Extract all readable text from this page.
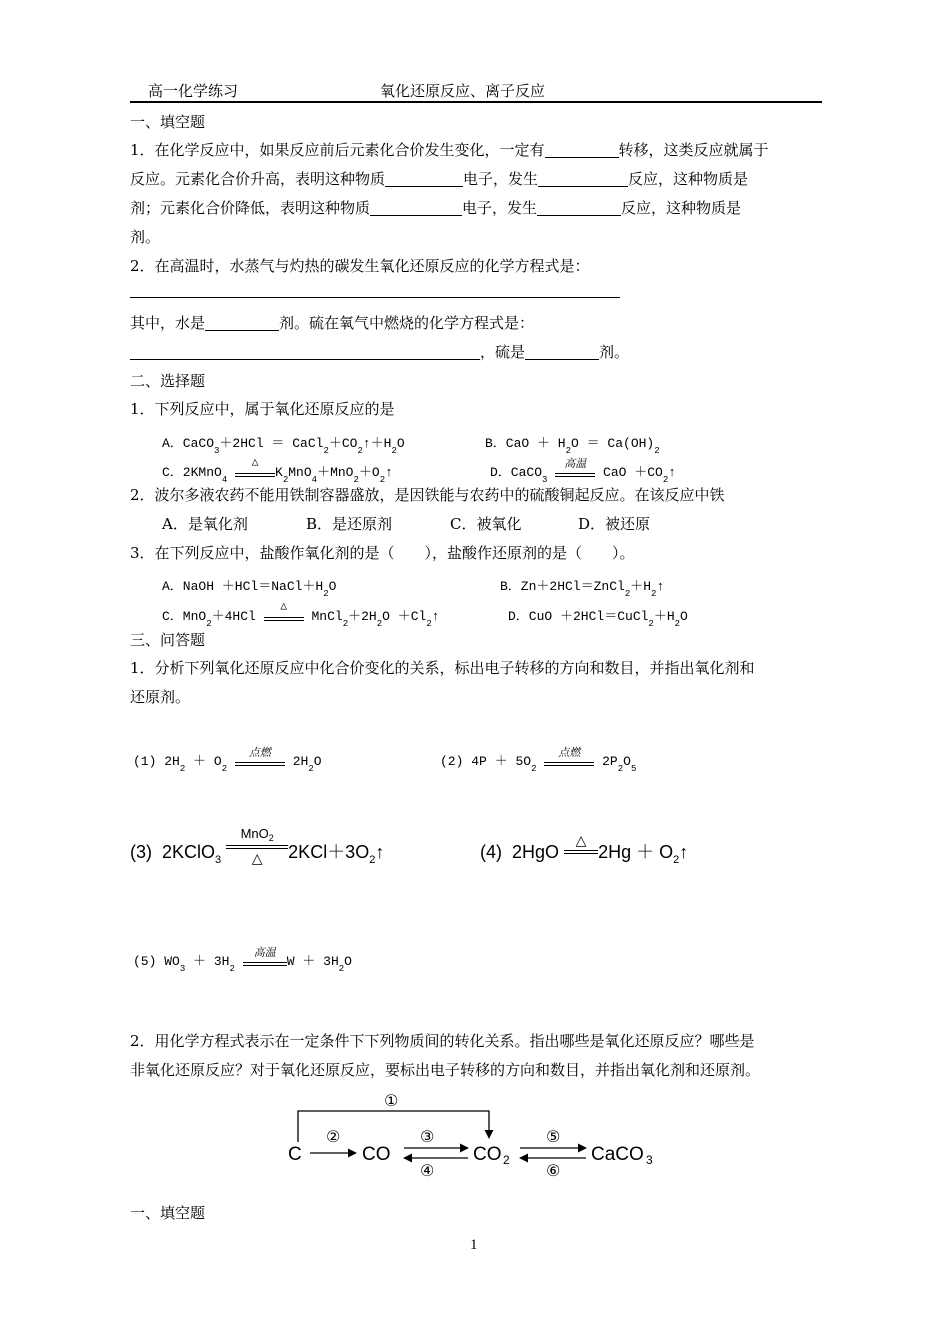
高一化学练习	氧化还原反应、离子反应
一、填空题
1．在化学反应中，如果反应前后元素化合价发生变化，一定有	转移，这类反应就属于
反应。元素化合价升高，表明这种物质	电子，发生	反应，这种物质是
剂；元素化合价降低，表明这种物质	电子，发生	反应，这种物质是
剂。
2．在高温时，水蒸气与灼热的碳发生氧化还原反应的化学方程式是：
其中，水是	剂。硫在氧气中燃烧的化学方程式是：
，硫是	剂。
二、选择题
1．下列反应中，属于氧化还原反应的是
A．CaCO$_3$＋2HCl ＝ $CaCl_2+CO_2↑+H_2O$	B．CaO ＋ $H_2O = Ca(OH)_2$
C．2KMnO$_4$
△
$K_2MnO_4+MnO_2+O_2↑$	D．CaCO$_3$
高温
CaO $+CO_2↑$
2．波尔多液农药不能用铁制容器盛放，是因铁能与农药中的硫酸铜起反应。在该反应中铁
A．是氧化剂	B．是还原剂	C．被氧化	D．被还原
3．在下列反应中，盐酸作氧化剂的是（　　），盐酸作还原剂的是（　　）。
A．NaOH $+HCl=NaCl+H_2O$	B．$Zn+2HCl=ZnCl_2+H_2↑$
C．MnO$_2$＋4HCl
△
$MnCl_2+2H_2O$ $+Cl_2↑$	D．CuO $+2HCl=CuCl_2+H_2O$
三、问答题
1．分析下列氧化还原反应中化合价变化的关系，标出电子转移的方向和数目，并指出氧化剂和
还原剂。
(1) $2H_2 + O_2$
点燃
$2H_2O$	(2) $4P + 5O_2$
点燃
$2P_2O_5$
(3) 2KClO$_3$
MnO$_2$
△	$2KCl+3O_2↑$	(4) 2HgO
△
$2Hg + O_2↑$
(5) $WO_3 + 3H_2$
高温
$W + 3H_2O$
2．用化学方程式表示在一定条件下下列物质间的转化关系。指出哪些是氧化还原反应？哪些是
非氧化还原反应？对于氧化还原反应，要标出电子转移的方向和数目，并指出氧化剂和还原剂。
①
②	③
④
⑤
⑥
C	CO	CO 2	CaCO 3
一、填空题
1
